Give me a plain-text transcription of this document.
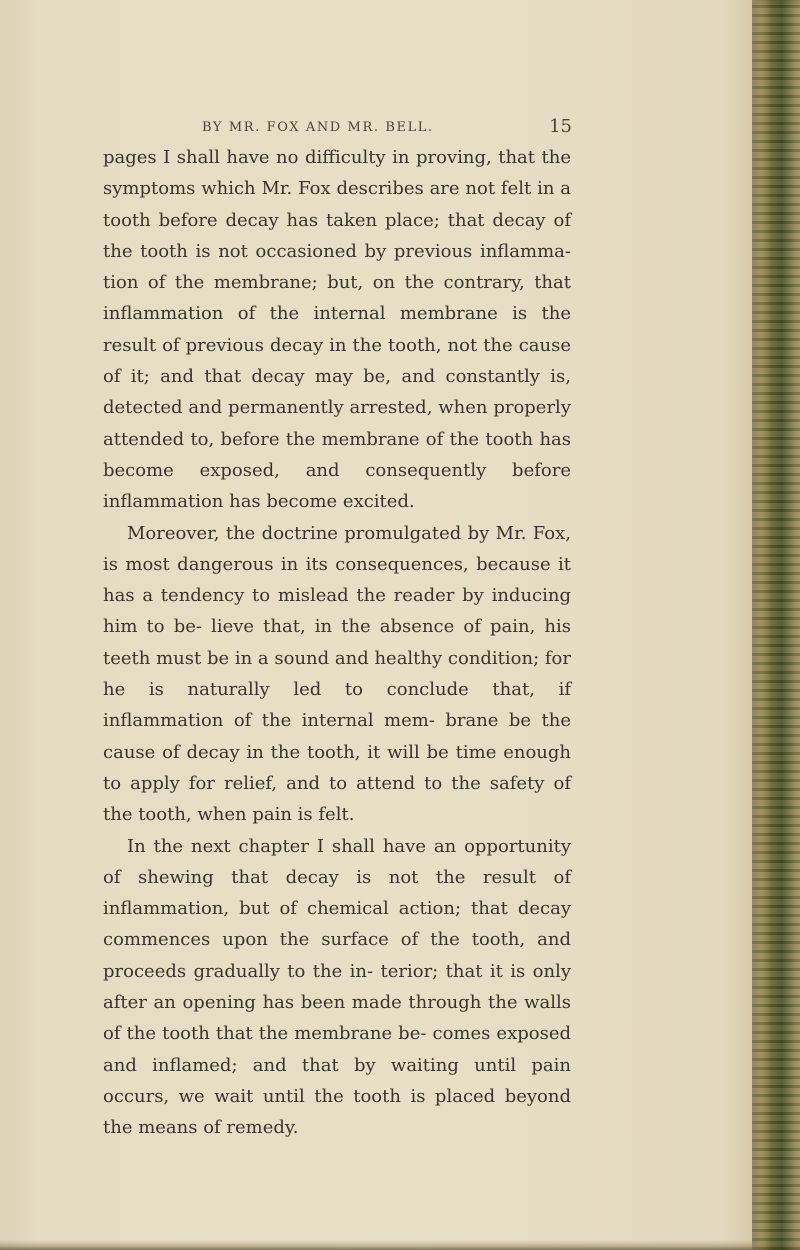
BY MR. FOX AND MR. BELL.	15

pages I shall have no difficulty in proving, that the symptoms which Mr. Fox describes are not felt in a tooth before decay has taken place; that decay of the tooth is not occasioned by previous inflamma- tion of the membrane; but, on the contrary, that inflammation of the internal membrane is the result of previous decay in the tooth, not the cause of it; and that decay may be, and constantly is, detected and permanently arrested, when properly attended to, before the membrane of the tooth has become exposed, and consequently before inflammation has become excited.

Moreover, the doctrine promulgated by Mr. Fox, is most dangerous in its consequences, because it has a tendency to mislead the reader by inducing him to be- lieve that, in the absence of pain, his teeth must be in a sound and healthy condition; for he is naturally led to conclude that, if inflammation of the internal mem- brane be the cause of decay in the tooth, it will be time enough to apply for relief, and to attend to the safety of the tooth, when pain is felt.

In the next chapter I shall have an opportunity of shewing that decay is not the result of inflammation, but of chemical action; that decay commences upon the surface of the tooth, and proceeds gradually to the in- terior; that it is only after an opening has been made through the walls of the tooth that the membrane be- comes exposed and inflamed; and that by waiting until pain occurs, we wait until the tooth is placed beyond the means of remedy.
